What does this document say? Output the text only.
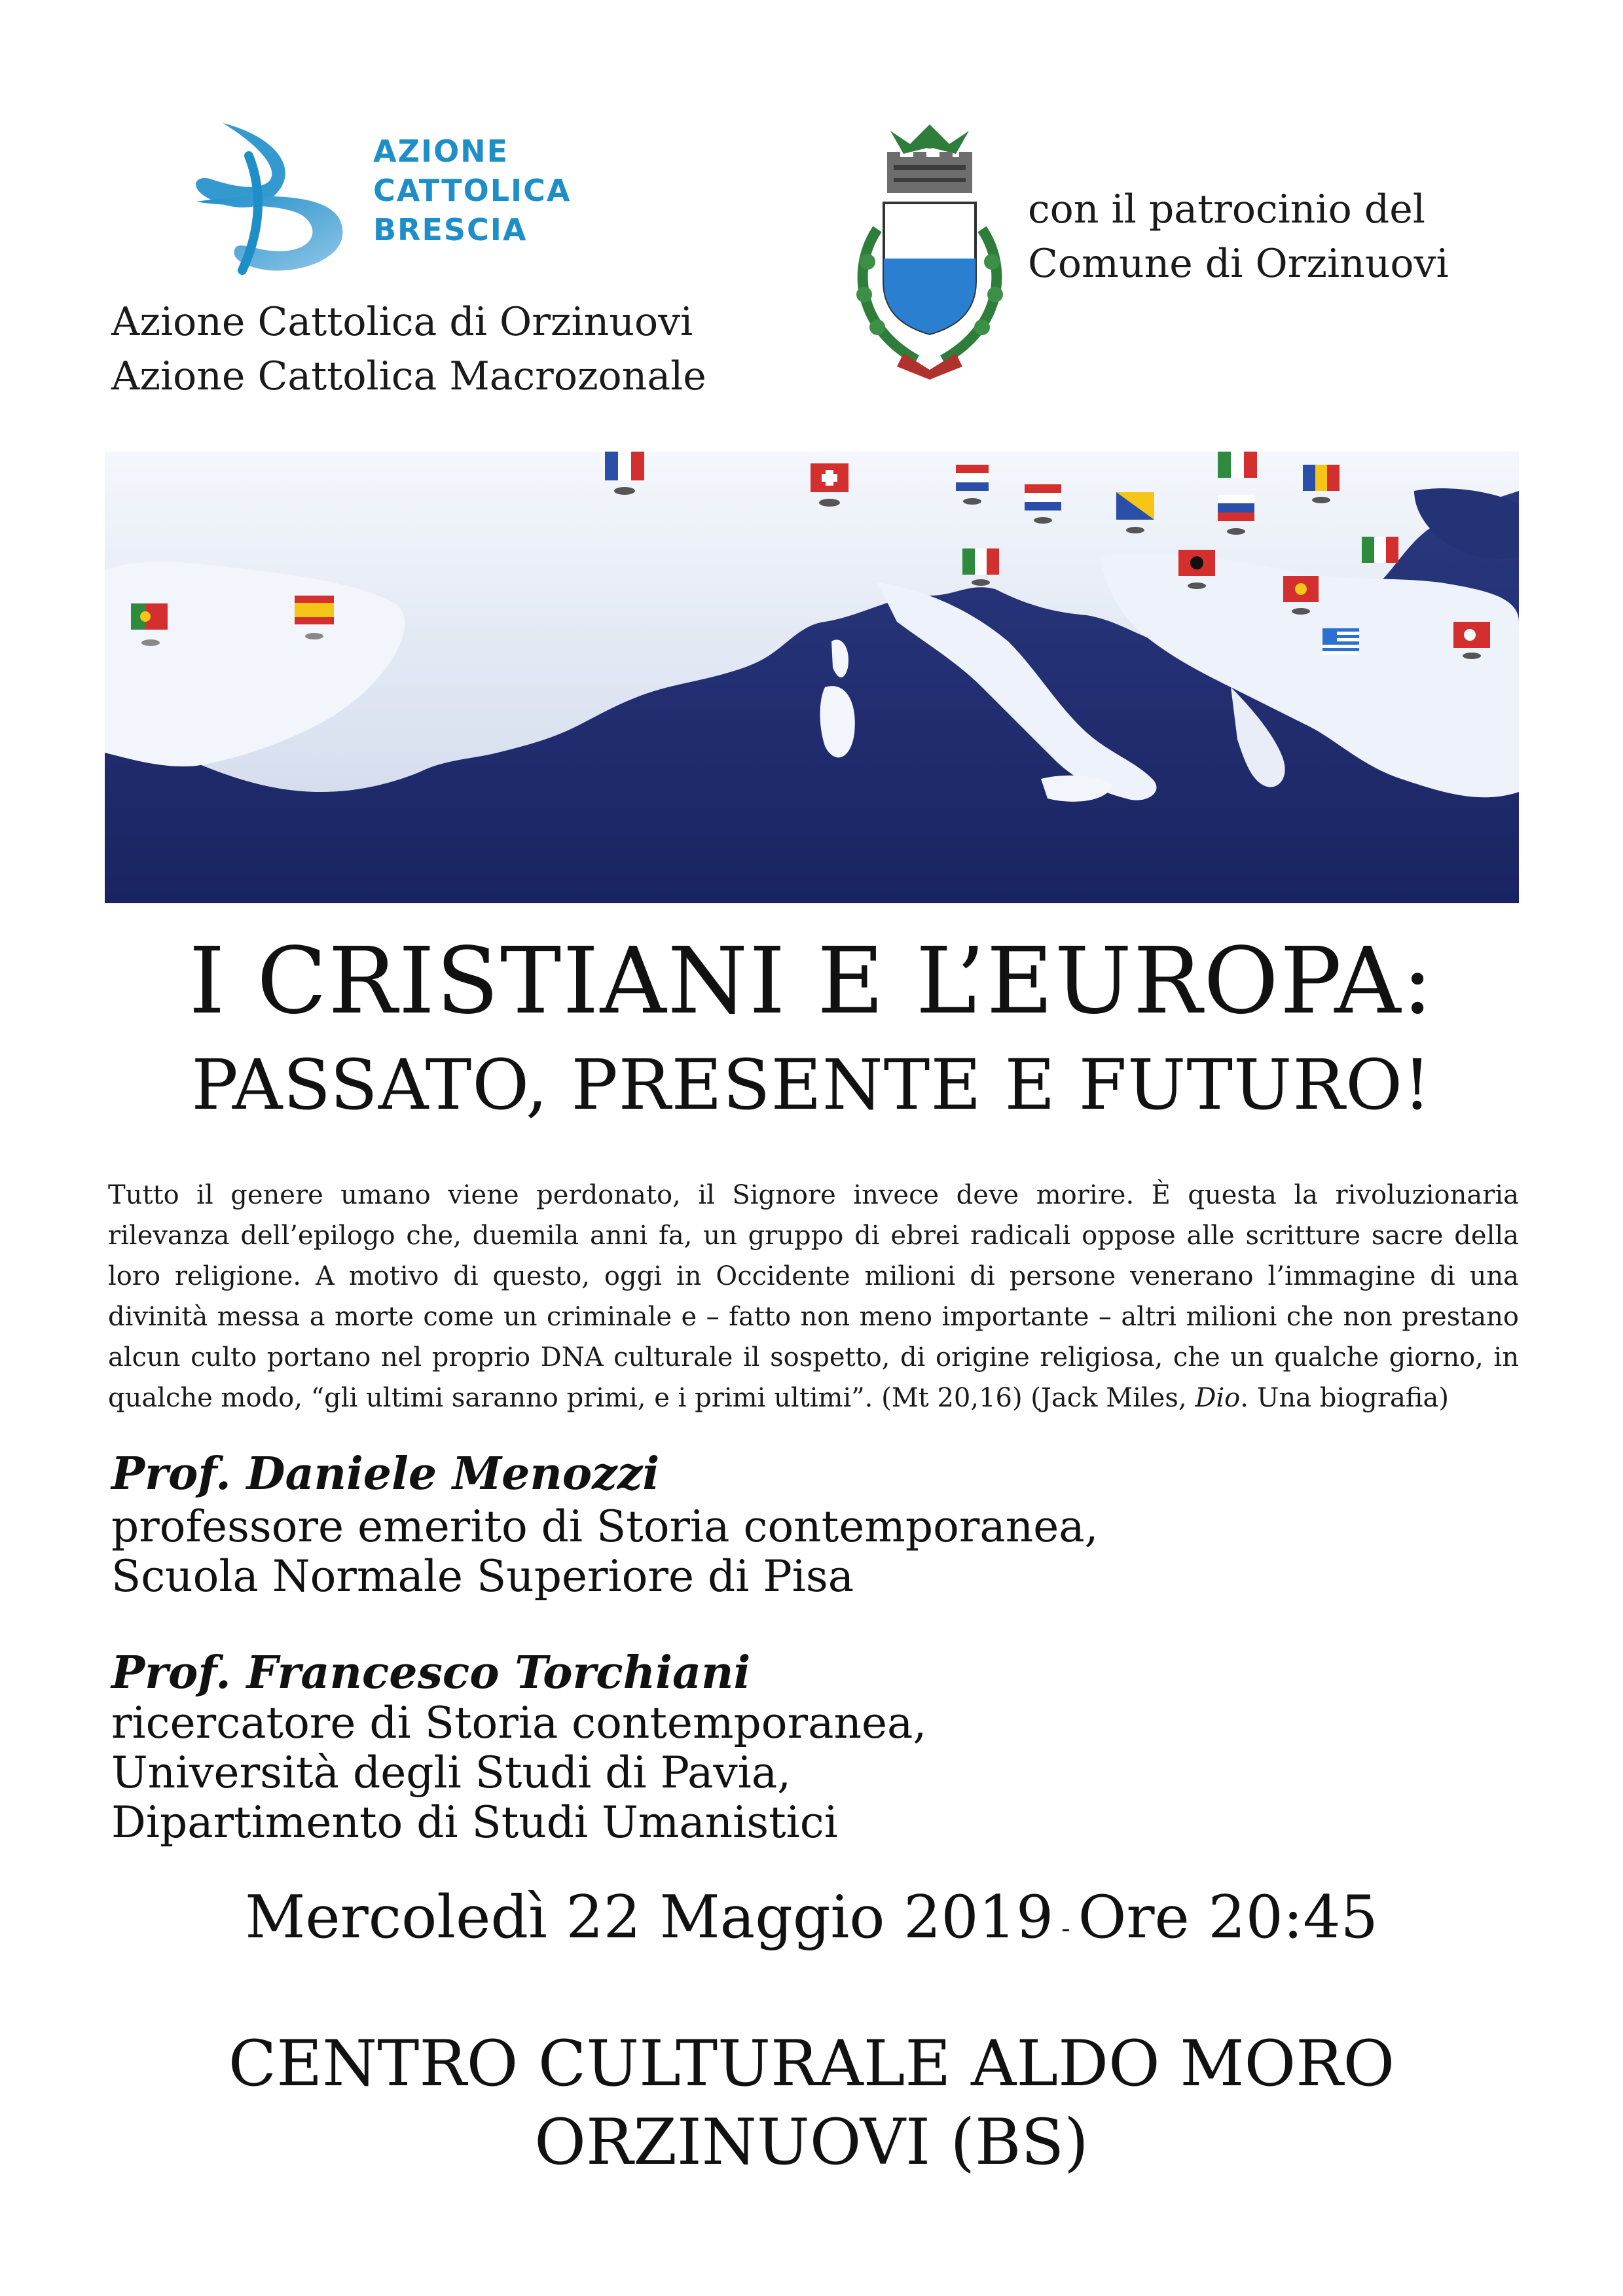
AZIONE
CATTOLICA
BRESCIA
Azione Cattolica di Orzinuovi
Azione Cattolica Macrozonale
con il patrocinio del
Comune di Orzinuovi
I CRISTIANI E L’EUROPA:
PASSATO, PRESENTE E FUTURO!
Tutto il genere umano viene perdonato, il Signore invece deve morire. È questa la rivoluzionaria rilevanza dell’epilogo che, duemila anni fa, un gruppo di ebrei radicali oppose alle scritture sacre della loro religione. A motivo di questo, oggi in Occidente milioni di persone venerano l’immagine di una divinità messa a morte come un criminale e – fatto non meno importante – altri milioni che non prestano alcun culto portano nel proprio DNA culturale il sospetto, di origine religiosa, che un qualche giorno, in qualche modo, “gli ultimi saranno primi, e i primi ultimi”. (Mt 20,16) (Jack Miles, Dio. Una biografia)
Prof. Daniele Menozzi
professore emerito di Storia contemporanea,
Scuola Normale Superiore di Pisa
Prof. Francesco Torchiani
ricercatore di Storia contemporanea,
Università degli Studi di Pavia,
Dipartimento di Studi Umanistici
Mercoledì 22 Maggio 2019 - Ore 20:45
CENTRO CULTURALE ALDO MORO
ORZINUOVI (BS)
